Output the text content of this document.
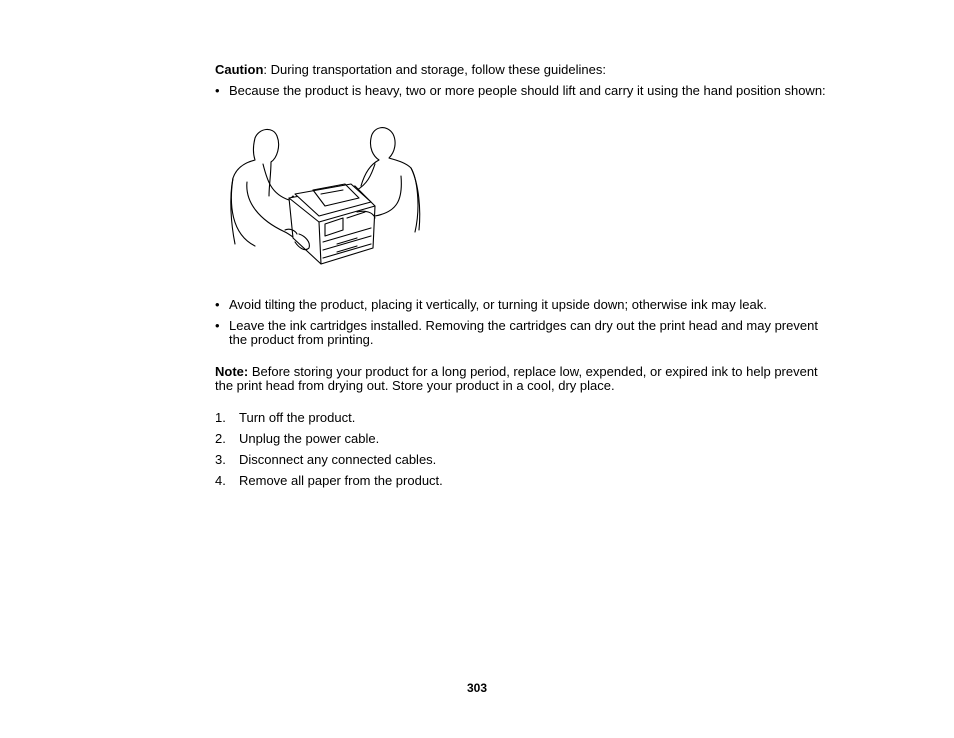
Caution: During transportation and storage, follow these guidelines:

• Because the product is heavy, two or more people should lift and carry it using the hand position shown:
• Avoid tilting the product, placing it vertically, or turning it upside down; otherwise ink may leak.
• Leave the ink cartridges installed. Removing the cartridges can dry out the print head and may prevent the product from printing.

Note: Before storing your product for a long period, replace low, expended, or expired ink to help prevent the print head from drying out. Store your product in a cool, dry place.

1. Turn off the product.
2. Unplug the power cable.
3. Disconnect any connected cables.
4. Remove all paper from the product.
303
